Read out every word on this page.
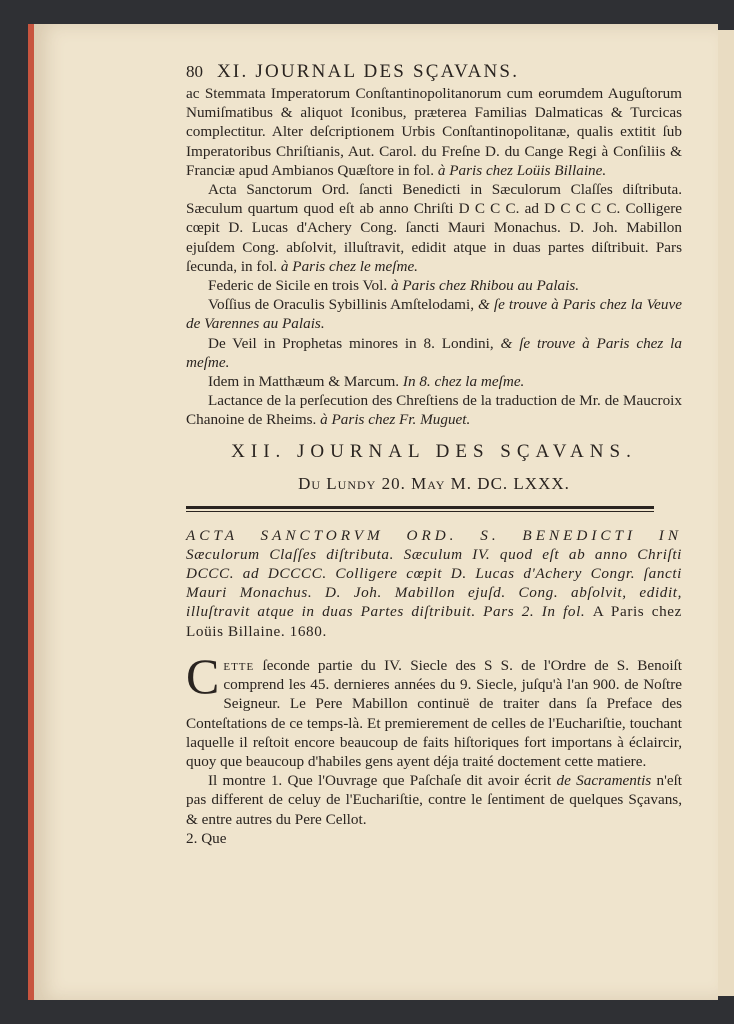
80 XI. JOURNAL DES SÇAVANS.

ac Stemmata Imperatorum Conſtantinopolitanorum cum eorumdem Auguſtorum Numiſmatibus & aliquot Iconibus, præterea Familias Dalmaticas & Turcicas complectitur. Alter deſcriptionem Urbis Conſtantinopolitanæ, qualis extitit ſub Imperatoribus Chriſtianis, Aut. Carol. du Freſne D. du Cange Regi à Conſiliis & Franciæ apud Ambianos Quæſtore in fol. à Paris chez Loüis Billaine.

Acta Sanctorum Ord. ſancti Benedicti in Sæculorum Claſſes diſtributa. Sæculum quartum quod eſt ab anno Chriſti D C C C. ad D C C C C. Colligere cœpit D. Lucas d'Achery Cong. ſancti Mauri Monachus. D. Joh. Mabillon ejuſdem Cong. abſolvit, illuſtravit, edidit atque in duas partes diſtribuit. Pars ſecunda, in fol. à Paris chez le meſme.

Federic de Sicile en trois Vol. à Paris chez Rhibou au Palais.

Voſſius de Oraculis Sybillinis Amſtelodami, & ſe trouve à Paris chez la Veuve de Varennes au Palais.

De Veil in Prophetas minores in 8. Londini, & ſe trouve à Paris chez la meſme.

Idem in Matthæum & Marcum. In 8. chez la meſme.

Lactance de la perſecution des Chreſtiens de la traduction de Mr. de Maucroix Chanoine de Rheims. à Paris chez Fr. Muguet.

XII. JOURNAL DES SÇAVANS.
Du Lundy 20. May M. DC. LXXX.

ACTA SANCTORVM ORD. S. BENEDICTI IN Sæculorum Claſſes diſtributa. Sæculum IV. quod eſt ab anno Chriſti DCCC. ad DCCCC. Colligere cœpit D. Lucas d'Achery Congr. ſancti Mauri Monachus. D. Joh. Mabillon ejuſd. Cong. abſolvit, edidit, illuſtravit atque in duas Partes diſtribuit. Pars 2. In fol. A Paris chez Loüis Billaine. 1680.

C ette ſeconde partie du IV. Siecle des S S. de l'Ordre de S. Benoiſt comprend les 45. dernieres années du 9. Siecle, juſqu'à l'an 900. de Noſtre Seigneur. Le Pere Mabillon continuë de traiter dans ſa Preface des Conteſtations de ce temps-là. Et premierement de celles de l'Euchariſtie, touchant laquelle il reſtoit encore beaucoup de faits hiſtoriques fort importans à éclaircir, quoy que beaucoup d'habiles gens ayent déja traité doctement cette matiere.

Il montre 1. Que l'Ouvrage que Paſchaſe dit avoir écrit de Sacramentis n'eſt pas different de celuy de l'Euchariſtie, contre le ſentiment de quelques Sçavans, & entre autres du Pere Cellot.

2. Que
